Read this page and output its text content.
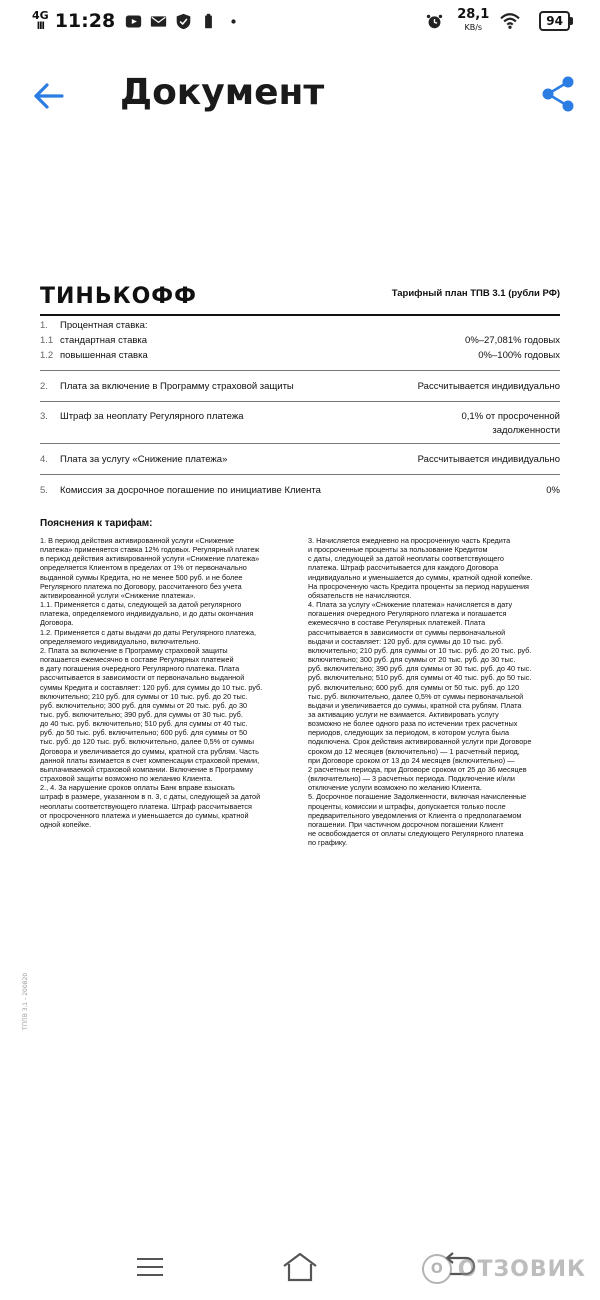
4G
lll 11:28	28,1
KB/s	94
Документ
ТИНЬКОФФ	Тарифный план ТПВ 3.1 (рубли РФ)
1. Процентная ставка:
1.1 стандартная ставка	0%–27,081% годовых
1.2 повышенная ставка	0%–100% годовых
2. Плата за включение в Программу страховой защиты	Рассчитывается индивидуально
3. Штраф за неоплату Регулярного платежа	0,1% от просроченной
задолженности
4. Плата за услугу «Снижение платежа»	Рассчитывается индивидуально
5. Комиссия за досрочное погашение по инициативе Клиента	0%
Пояснения к тарифам:
1. В период действия активированной услуги «Снижение
платежа» применяется ставка 12% годовых. Регулярный платеж
в период действия активированной услуги «Снижение платежа»
определяется Клиентом в пределах от 1% от первоначально
выданной суммы Кредита, но не менее 500 руб. и не более
Регулярного платежа по Договору, рассчитанного без учета
активированной услуги «Снижение платежа».
1.1. Применяется с даты, следующей за датой регулярного
платежа, определяемого индивидуально, и до даты окончания
Договора.
1.2. Применяется с даты выдачи до даты Регулярного платежа,
определяемого индивидуально, включительно.
2. Плата за включение в Программу страховой защиты
погашается ежемесячно в составе Регулярных платежей
в дату погашения очередного Регулярного платежа. Плата
рассчитывается в зависимости от первоначально выданной
суммы Кредита и составляет: 120 руб. для суммы до 10 тыс. руб.
включительно; 210 руб. для суммы от 10 тыс. руб. до 20 тыс.
руб. включительно; 300 руб. для суммы от 20 тыс. руб. до 30
тыс. руб. включительно; 390 руб. для суммы от 30 тыс. руб.
до 40 тыс. руб. включительно; 510 руб. для суммы от 40 тыс.
руб. до 50 тыс. руб. включительно; 600 руб. для суммы от 50
тыс. руб. до 120 тыс. руб. включительно, далее 0,5% от суммы
Договора и увеличивается до суммы, кратной ста рублям. Часть
данной платы взимается в счет компенсации страховой премии,
выплачиваемой страховой компании. Включение в Программу
страховой защиты возможно по желанию Клиента.
2., 4. За нарушение сроков оплаты Банк вправе взыскать
штраф в размере, указанном в п. 3, с даты, следующей за датой
неоплаты соответствующего платежа. Штраф рассчитывается
от просроченного платежа и уменьшается до суммы, кратной
одной копейке.
3. Начисляется ежедневно на просроченную часть Кредита
и просроченные проценты за пользование Кредитом
с даты, следующей за датой неоплаты соответствующего
платежа. Штраф рассчитывается для каждого Договора
индивидуально и уменьшается до суммы, кратной одной копейке.
На просроченную часть Кредита проценты за период нарушения
обязательств не начисляются.
4. Плата за услугу «Снижение платежа» начисляется в дату
погашения очередного Регулярного платежа и погашается
ежемесячно в составе Регулярных платежей. Плата
рассчитывается в зависимости от суммы первоначальной
выдачи и составляет: 120 руб. для суммы до 10 тыс. руб.
включительно; 210 руб. для суммы от 10 тыс. руб. до 20 тыс. руб.
включительно; 300 руб. для суммы от 20 тыс. руб. до 30 тыс.
руб. включительно; 390 руб. для суммы от 30 тыс. руб. до 40 тыс.
руб. включительно; 510 руб. для суммы от 40 тыс. руб. до 50 тыс.
руб. включительно; 600 руб. для суммы от 50 тыс. руб. до 120
тыс. руб. включительно, далее 0,5% от суммы первоначальной
выдачи и увеличивается до суммы, кратной ста рублям. Плата
за активацию услуги не взимается. Активировать услугу
возможно не более одного раза по истечении трех расчетных
периодов, следующих за периодом, в котором услуга была
подключена. Срок действия активированной услуги при Договоре
сроком до 12 месяцев (включительно) — 1 расчетный период,
при Договоре сроком от 13 до 24 месяцев (включительно) —
2 расчетных периода, при Договоре сроком от 25 до 36 месяцев
(включительно) — 3 расчетных периода. Подключение и/или
отключение услуги возможно по желанию Клиента.
5. Досрочное погашение Задолженности, включая начисленные
проценты, комиссии и штрафы, допускается только после
предварительного уведомления от Клиента о предполагаемом
погашении. При частичном досрочном погашении Клиент
не освобождается от оплаты следующего Регулярного платежа
по графику.
ТППВ 3.1 - 200820
О ОТЗОВИК
